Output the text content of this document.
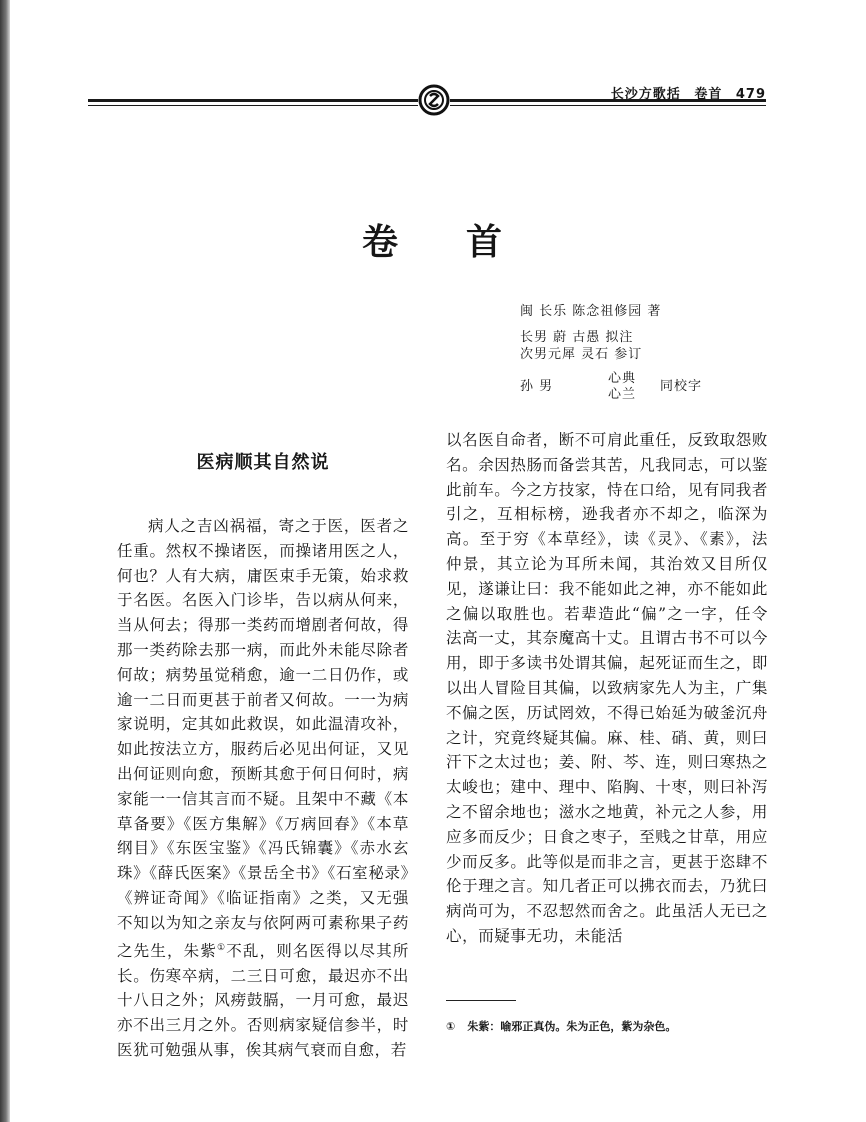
长沙方歌括 卷首 479
卷 首
闽 长乐 陈念祖修园 著
长男 蔚 古愚 拟注
次男元犀 灵石 参订
孙 男
心典
心兰
同校字
医病顺其自然说
病人之吉凶祸福，寄之于医，医者之任重。然权不操诸医，而操诸用医之人，何也？人有大病，庸医束手无策，始求救于名医。名医入门诊毕，告以病从何来，当从何去；得那一类药而增剧者何故，得那一类药除去那一病，而此外未能尽除者何故；病势虽觉稍愈，逾一二日仍作，或逾一二日而更甚于前者又何故。一一为病家说明，定其如此救误，如此温清攻补，如此按法立方，服药后必见出何证，又见出何证则向愈，预断其愈于何日何时，病家能一一信其言而不疑。且架中不藏《本草备要》《医方集解》《万病回春》《本草纲目》《东医宝鉴》《冯氏锦囊》《赤水玄珠》《薛氏医案》《景岳全书》《石室秘录》《辨证奇闻》《临证指南》之类，又无强不知以为知之亲友与依阿两可素称果子药之先生，朱紫①不乱，则名医得以尽其所长。伤寒卒病，二三日可愈，最迟亦不出十八日之外；风痨鼓膈，一月可愈，最迟亦不出三月之外。否则病家疑信参半，时医犹可勉强从事，俟其病气衰而自愈，若
以名医自命者，断不可肩此重任，反致取怨败名。余因热肠而备尝其苦，凡我同志，可以鉴此前车。今之方技家，恃在口给，见有同我者引之，互相标榜，逊我者亦不却之，临深为高。至于穷《本草经》，读《灵》、《素》，法仲景，其立论为耳所未闻，其治效又目所仅见，遂谦让曰：我不能如此之神，亦不能如此之偏以取胜也。若辈造此“偏”之一字，任令法高一丈，其奈魔高十丈。且谓古书不可以今用，即于多读书处谓其偏，起死证而生之，即以出人冒险目其偏，以致病家先人为主，广集不偏之医，历试罔效，不得已始延为破釜沉舟之计，究竟终疑其偏。麻、桂、硝、黄，则曰汗下之太过也；姜、附、芩、连，则曰寒热之太峻也；建中、理中、陷胸、十枣，则曰补泻之不留余地也；滋水之地黄，补元之人参，用应多而反少；日食之枣子，至贱之甘草，用应少而反多。此等似是而非之言，更甚于恣肆不伦于理之言。知几者正可以拂衣而去，乃犹曰病尚可为，不忍恝然而舍之。此虽活人无已之心，而疑事无功，未能活
① 朱紫：喻邪正真伪。朱为正色，紫为杂色。
